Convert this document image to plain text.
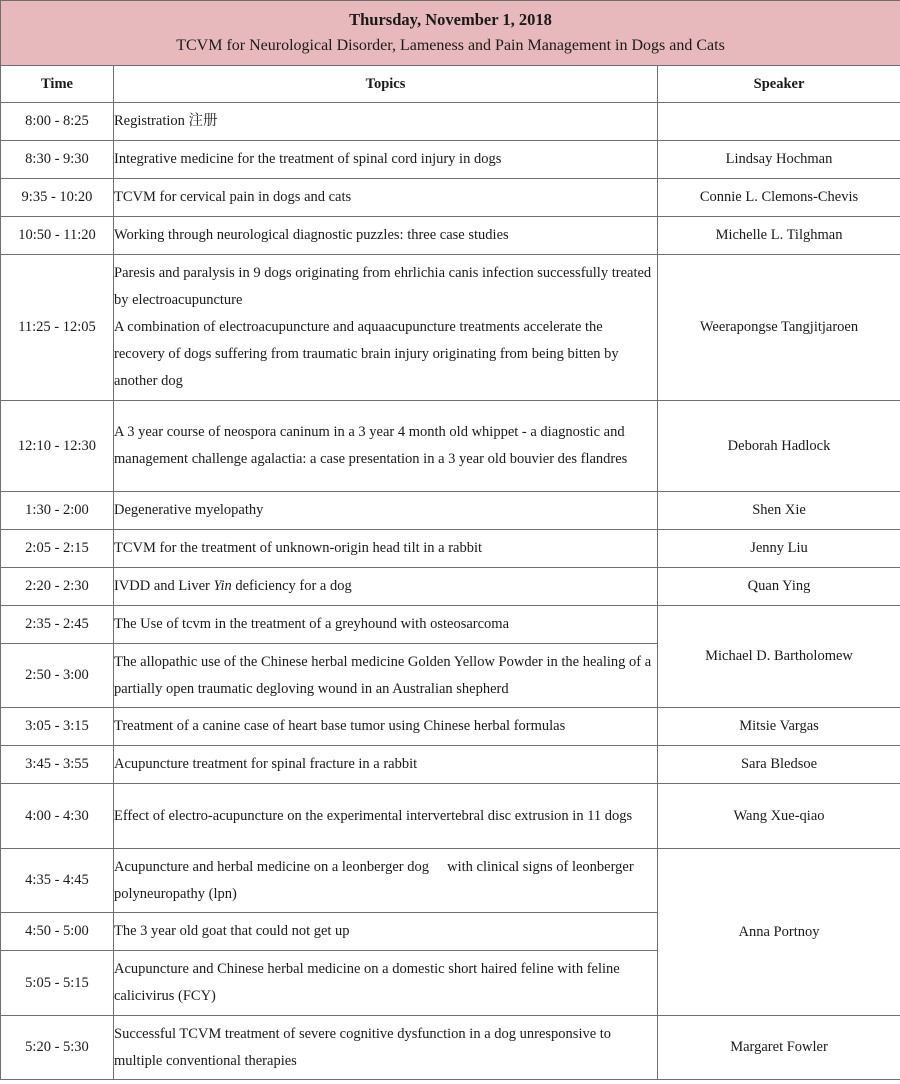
Thursday, November 1, 2018
TCVM for Neurological Disorder, Lameness and Pain Management in Dogs and Cats		

Time	Topics	Speaker
8:00 - 8:25	Registration 注册	
8:30 - 9:30	Integrative medicine for the treatment of spinal cord injury in dogs	Lindsay Hochman
9:35 - 10:20	TCVM for cervical pain in dogs and cats	Connie L. Clemons-Chevis
10:50 - 11:20	Working through neurological diagnostic puzzles: three case studies	Michelle L. Tilghman
11:25 - 12:05	Paresis and paralysis in 9 dogs originating from ehrlichia canis infection successfully treated by electroacupuncture
A combination of electroacupuncture and aquaacupuncture treatments accelerate the recovery of dogs suffering from traumatic brain injury originating from being bitten by another dog	Weerapongse Tangjitjaroen
12:10 - 12:30	A 3 year course of neospora caninum in a 3 year 4 month old whippet - a diagnostic and management challenge agalactia: a case presentation in a 3 year old bouvier des flandres	Deborah Hadlock
1:30 - 2:00	Degenerative myelopathy	Shen Xie
2:05 - 2:15	TCVM for the treatment of unknown-origin head tilt in a rabbit	Jenny Liu
2:20 - 2:30	IVDD and Liver Yin deficiency for a dog	Quan Ying
2:35 - 2:45	The Use of tcvm in the treatment of a greyhound with osteosarcoma	Michael D. Bartholomew
2:50 - 3:00	The allopathic use of the Chinese herbal medicine Golden Yellow Powder in the healing of a partially open traumatic degloving wound in an Australian shepherd	
3:05 - 3:15	Treatment of a canine case of heart base tumor using Chinese herbal formulas	Mitsie Vargas
3:45 - 3:55	Acupuncture treatment for spinal fracture in a rabbit	Sara Bledsoe
4:00 - 4:30	Effect of electro-acupuncture on the experimental intervertebral disc extrusion in 11 dogs	Wang Xue-qiao
4:35 - 4:45	Acupuncture and herbal medicine on a leonberger dog     with clinical signs of leonberger polyneuropathy (lpn)	Anna Portnoy
4:50 - 5:00	The 3 year old goat that could not get up	
5:05 - 5:15	Acupuncture and Chinese herbal medicine on a domestic short haired feline with feline calicivirus (FCY)	
5:20 - 5:30	Successful TCVM treatment of severe cognitive dysfunction in a dog unresponsive to multiple conventional therapies	Margaret Fowler
